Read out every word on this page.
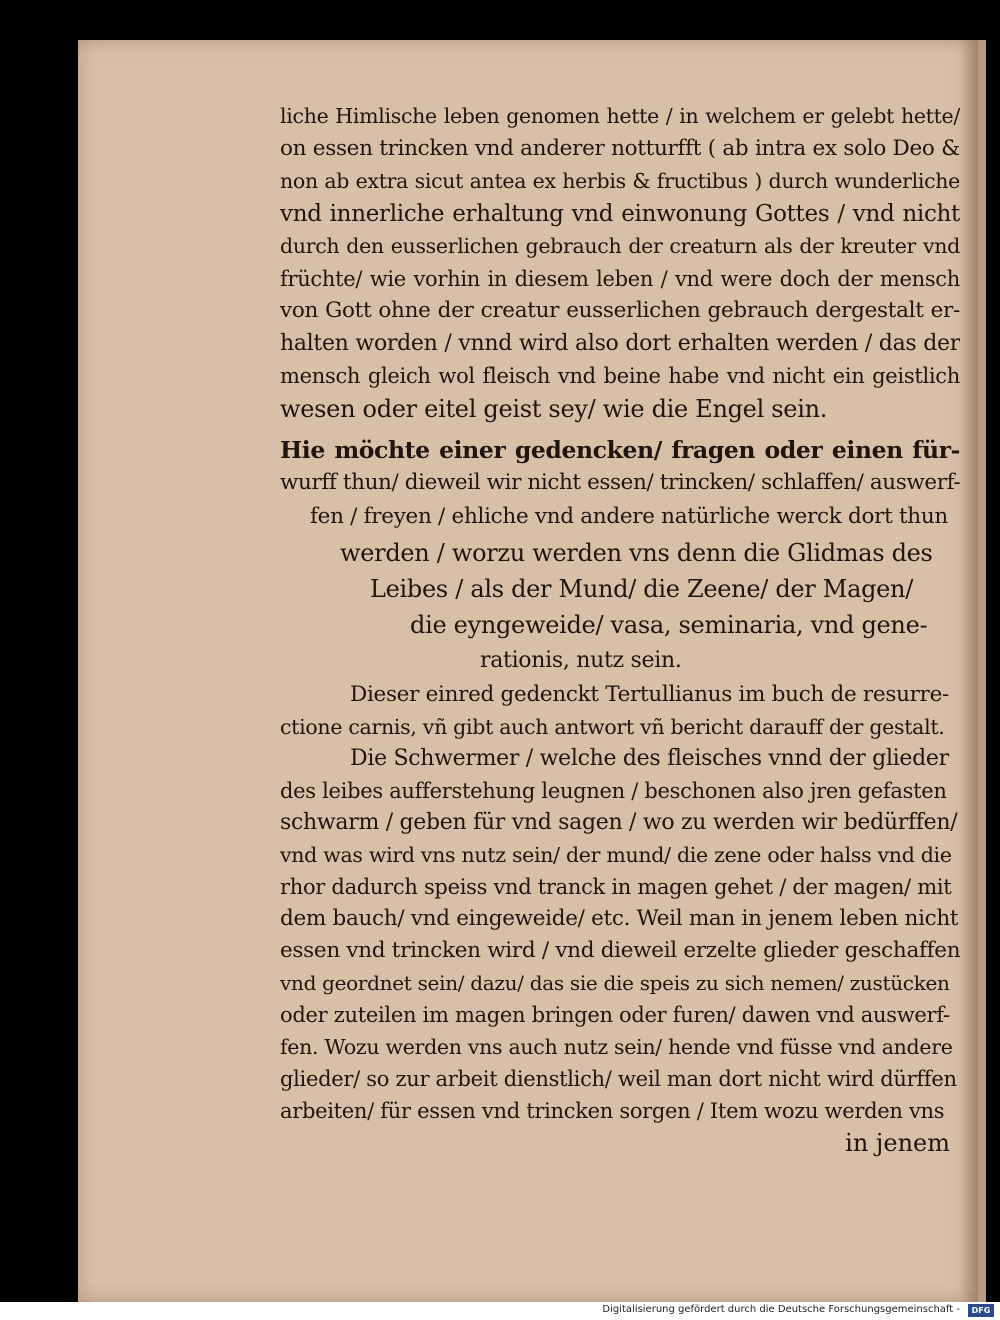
liche Himlische leben genomen hette / in welchem er gelebt hette/
on essen trincken vnd anderer notturfft ( ab intra ex solo Deo &
non ab extra sicut antea ex herbis & fructibus ) durch wunderliche
vnd innerliche erhaltung vnd einwonung Gottes / vnd nicht
durch den eusserlichen gebrauch der creaturn als der kreuter vnd
früchte/ wie vorhin in diesem leben / vnd were doch der mensch
von Gott ohne der creatur eusserlichen gebrauch dergestalt er-
halten worden / vnnd wird also dort erhalten werden / das der
mensch gleich wol fleisch vnd beine habe vnd nicht ein geistlich
wesen oder eitel geist sey/ wie die Engel sein.
Hie möchte einer gedencken/ fragen oder einen für-
wurff thun/ dieweil wir nicht essen/ trincken/ schlaffen/ auswerf-
fen / freyen / ehliche vnd andere natürliche werck dort thun
werden / worzu werden vns denn die Glidmas des
Leibes / als der Mund/ die Zeene/ der Magen/
die eyngeweide/ vasa, seminaria, vnd gene-
rationis, nutz sein.
Dieser einred gedenckt Tertullianus im buch de resurre-
ctione carnis, vñ gibt auch antwort vñ bericht darauff der gestalt.
Die Schwermer / welche des fleisches vnnd der glieder
des leibes aufferstehung leugnen / beschonen also jren gefasten
schwarm / geben für vnd sagen / wo zu werden wir bedürffen/
vnd was wird vns nutz sein/ der mund/ die zene oder halss vnd die
rhor dadurch speiss vnd tranck in magen gehet / der magen/ mit
dem bauch/ vnd eingeweide/ etc. Weil man in jenem leben nicht
essen vnd trincken wird / vnd dieweil erzelte glieder geschaffen
vnd geordnet sein/ dazu/ das sie die speis zu sich nemen/ zustücken
oder zuteilen im magen bringen oder furen/ dawen vnd auswerf-
fen. Wozu werden vns auch nutz sein/ hende vnd füsse vnd andere
glieder/ so zur arbeit dienstlich/ weil man dort nicht wird dürffen
arbeiten/ für essen vnd trincken sorgen / Item wozu werden vns
in jenem
Digitalisierung gefördert durch die Deutsche Forschungsgemeinschaft -	DFG
